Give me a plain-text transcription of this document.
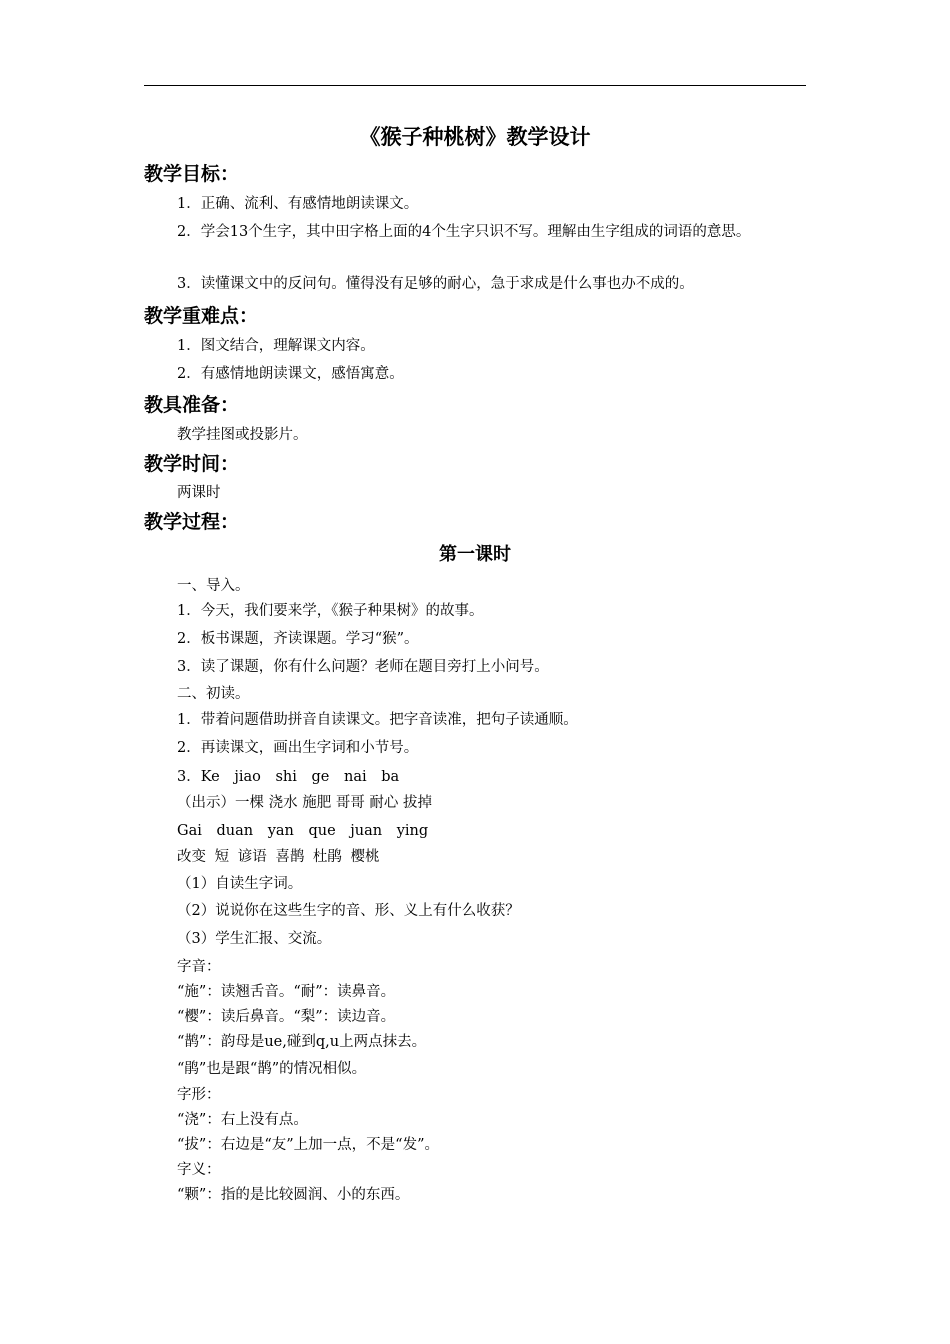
《猴子种桃树》教学设计
教学目标：
1．正确、流利、有感情地朗读课文。
2．学会13个生字，其中田字格上面的4个生字只识不写。理解由生字组成的词语的意思。
3．读懂课文中的反问句。懂得没有足够的耐心，急于求成是什么事也办不成的。
教学重难点：
1．图文结合，理解课文内容。
2．有感情地朗读课文，感悟寓意。
教具准备：
教学挂图或投影片。
教学时间：
两课时
教学过程：
第一课时
一、导入。
1．今天，我们要来学，《猴子种果树》的故事。
2．板书课题，齐读课题。学习“猴”。
3．读了课题，你有什么问题？老师在题目旁打上小问号。
二、初读。
1．带着问题借助拼音自读课文。把字音读准，把句子读通顺。
2．再读课文，画出生字词和小节号。
3．Ke jiao shi ge nai ba
（出示）一棵 浇水 施肥 哥哥 耐心 拔掉
Gai duan yan que juan ying
改变 短 谚语 喜鹊 杜鹃 樱桃
（1）自读生字词。
（2）说说你在这些生字的音、形、义上有什么收获？
（3）学生汇报、交流。
字音：
“施”：读翘舌音。“耐”：读鼻音。
“樱”：读后鼻音。“梨”：读边音。
“鹊”：韵母是ue,碰到q,u上两点抹去。
“鹃”也是跟“鹊”的情况相似。
字形：
“浇”：右上没有点。
“拔”：右边是“友”上加一点，不是“发”。
字义：
“颗”：指的是比较圆润、小的东西。
